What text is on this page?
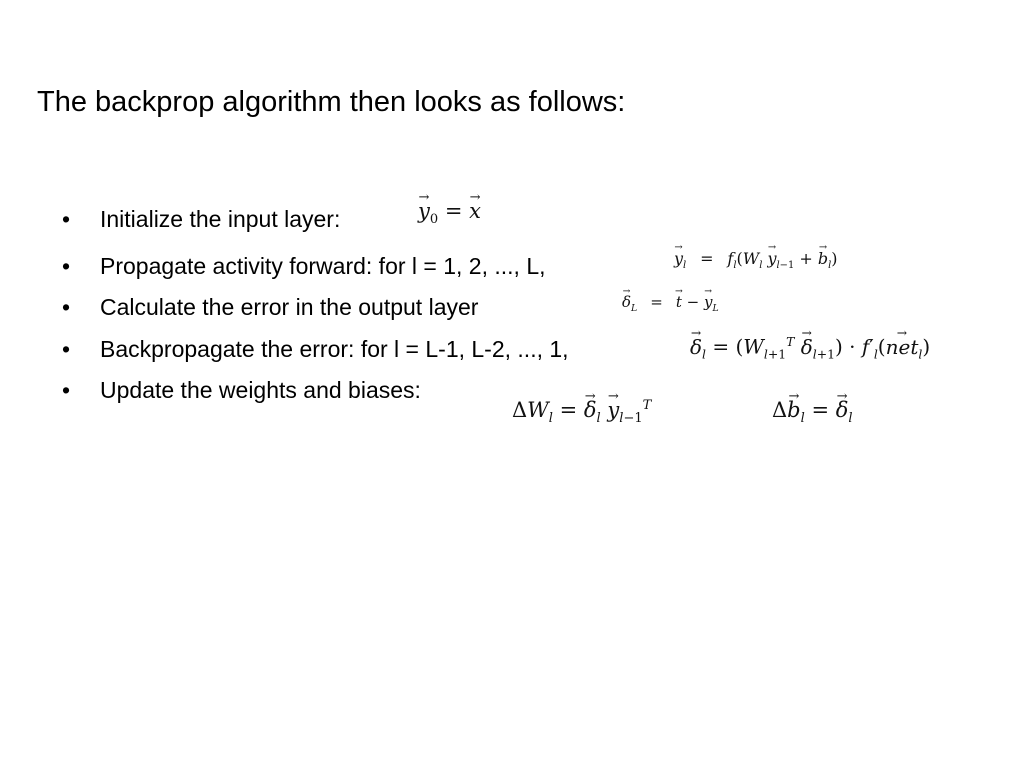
The backprop algorithm then looks as follows:
• Initialize the input layer:	→ $y_0$ = → x
• Propagate activity forward: for l = 1, 2, ..., L,	→ $y_l = f_l(W_l \to y_{l-1}$ + → $b_l$)
• Calculate the error in the output layer	→ $\delta_L$ = → t − → $y_L$
• Backpropagate the error: for l = L-1, L-2, ..., 1,	→ $\delta_l = (W_{l+1}^T \to \delta_{l+1}) \cdot f'_l(\to net_l)$
• Update the weights and biases:
$\Delta W_l$ = → $\delta_l \to y_{l-1}^T$	$\Delta\to b_l$ = → $\delta_l$
